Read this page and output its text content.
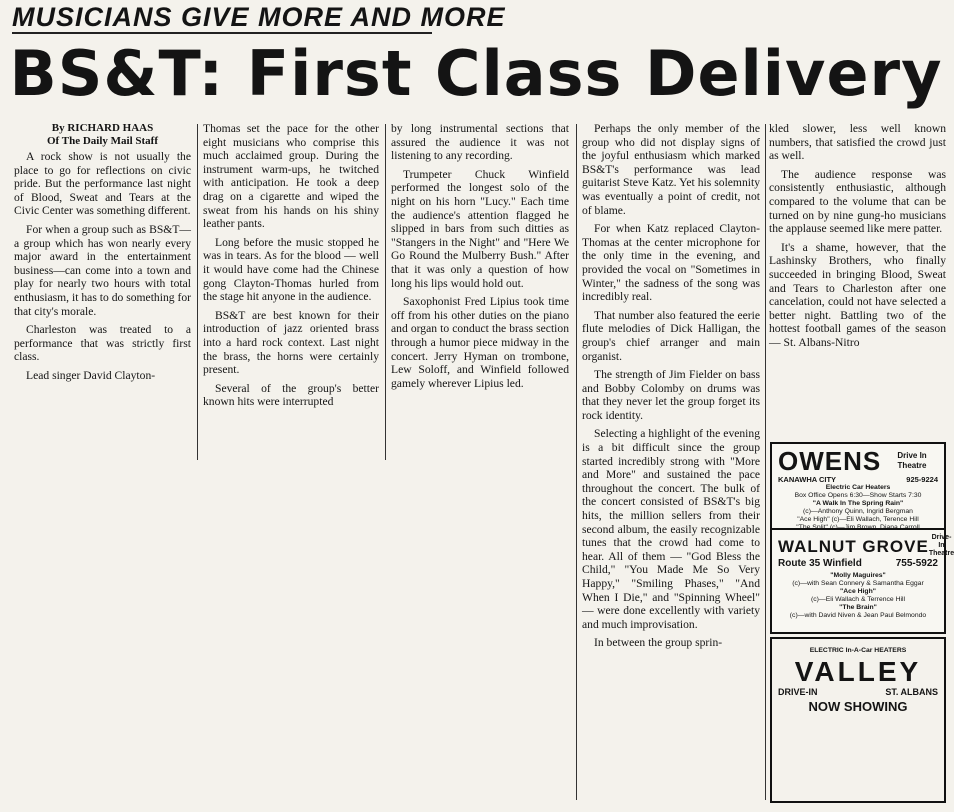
MUSICIANS GIVE MORE AND MORE
BS&T: First Class Delivery
By RICHARD HAAS
Of The Daily Mail Staff

A rock show is not usually the place to go for reflections on civic pride. But the performance last night of Blood, Sweat and Tears at the Civic Center was something different.

For when a group such as BS&T—a group which has won nearly every major award in the entertainment business—can come into a town and play for nearly two hours with total enthusiasm, it has to do something for that city's morale.

Charleston was treated to a performance that was strictly first class.

Lead singer David Clayton-

Thomas set the pace for the other eight musicians who comprise this much acclaimed group. During the instrument warm-ups, he twitched with anticipation. He took a deep drag on a cigarette and wiped the sweat from his hands on his shiny leather pants.

Long before the music stopped he was in tears. As for the blood — well it would have come had the Chinese gong Clayton-Thomas hurled from the stage hit anyone in the audience.

BS&T are best known for their introduction of jazz oriented brass into a hard rock context. Last night the brass, the horns were certainly present.

Several of the group's better known hits were interrupted

by long instrumental sections that assured the audience it was not listening to any recording.

Trumpeter Chuck Winfield performed the longest solo of the night on his horn "Lucy." Each time the audience's attention flagged he slipped in bars from such ditties as "Stangers in the Night" and "Here We Go Round the Mulberry Bush." After that it was only a question of how long his lips would hold out.

Saxophonist Fred Lipius took time off from his other duties on the piano and organ to conduct the brass section through a humor piece midway in the concert. Jerry Hyman on trombone, Lew Soloff, and Winfield followed gamely wherever Lipius led.

Perhaps the only member of the group who did not display signs of the joyful enthusiasm which marked BS&T's performance was lead guitarist Steve Katz. Yet his solemnity was eventually a point of credit, not of blame.

For when Katz replaced Clayton-Thomas at the center microphone for the only time in the evening, and provided the vocal on "Sometimes in Winter," the sadness of the song was incredibly real.

That number also featured the eerie flute melodies of Dick Halligan, the group's chief arranger and main organist.

The strength of Jim Fielder on bass and Bobby Colomby on drums was that they never let the group forget its rock identity.

Selecting a highlight of the evening is a bit difficult since the group started incredibly strong with "More and More" and sustained the pace throughout the concert. The bulk of the concert consisted of BS&T's big hits, the million sellers from their second album, the easily recognizable tunes that the crowd had come to hear. All of them — "God Bless the Child," "You Made Me So Very Happy," "Smiling Phases," "And When I Die," and "Spinning Wheel" — were done excellently with variety and much improvisation.

In between the group sprin-

kled slower, less well known numbers, that satisfied the crowd just as well.

The audience response was consistently enthusiastic, although compared to the volume that can be turned on by nine gung-ho musicians the applause seemed like mere patter.

It's a shame, however, that the Lashinsky Brothers, who finally succeeded in bringing Blood, Sweat and Tears to Charleston after one cancelation, could not have selected a better night. Battling two of the hottest football games of the season — St. Albans-Nitro

OWENS	Drive In Theatre
KANAWHA CITY	925-9224
Electric Car Heaters
Box Office Opens 6:30—Show Starts 7:30
"A Walk In The Spring Rain"
(c)—Anthony Quinn, Ingrid Bergman
"Ace High" (c)—Eli Wallach, Terence Hill
WALNUT GROVE Drive-In Theatre
Route 35 Winfield	755-5922
"Molly Maguires"
(c)—with Sean Connery & Samantha Eggar
"Ace High"
(c)—Eli Wallach & Terrence Hill
"The Brain"
(c)—with David Niven & Jean Paul Belmondo
ELECTRIC In-A-Car HEATERS
VALLEY
DRIVE-IN	ST. ALBANS
NOW SHOWING
